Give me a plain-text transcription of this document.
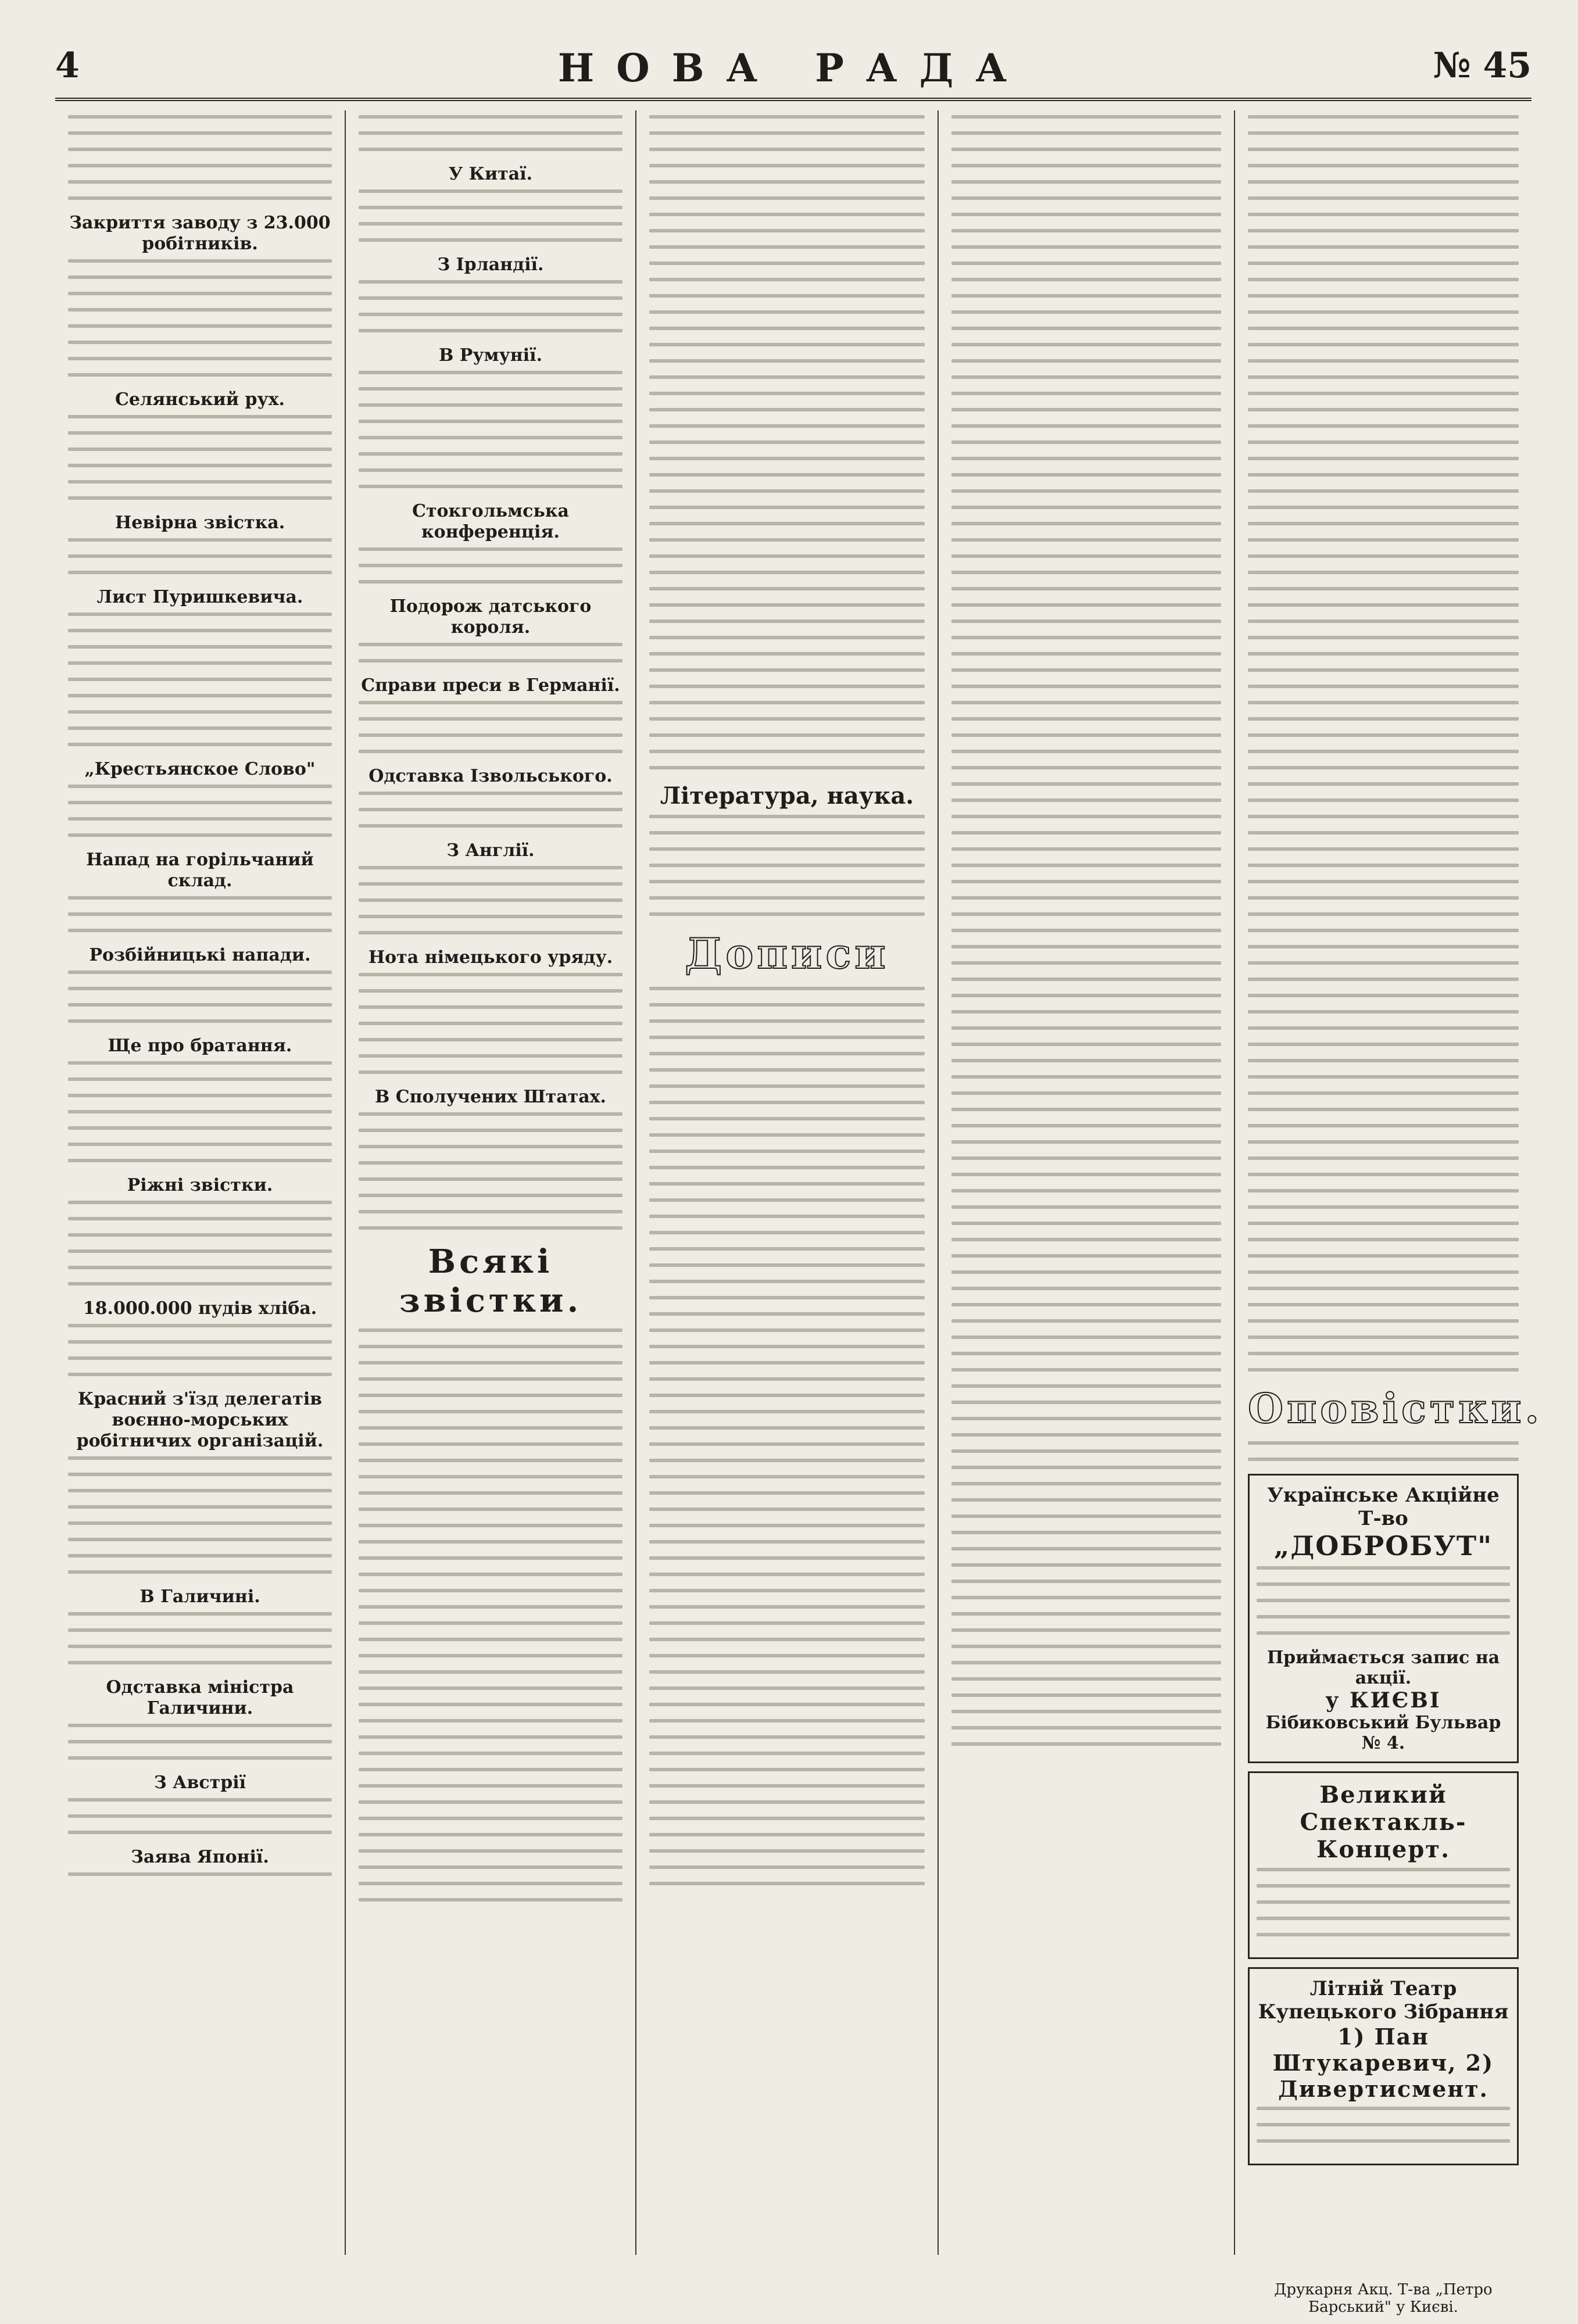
4	НОВА РАДА	№ 45
Закриття заводу з 23.000 робітників.
Селянський рух.
Невірна звістка.
Лист Пуришкевича.
„Крестьянское Слово"
Напад на горільчаний склад.
Розбійницькі напади.
Ще про братання.
Ріжні звістки.
18.000.000 пудів хліба.
Красний з'їзд делегатів воєнно-морських робітничих організацій.
В Галичині.
Одставка міністра Галичини.
З Австрії
Заява Японії.
У Китаї.
З Ірландії.
В Румунії.
Стокгольмська конференція.
Подорож датського короля.
Справи преси в Германії.
Одставка Ізвольського.
З Англії.
Нота німецького уряду.
В Сполучених Штатах.
Всякі звістки.
Література, наука.
Дописи
Оповістки.
Українське Акційне Т-во
„ДОБРОБУТ"
Приймається запис на акції.
у КИЄВІ
Бібиковський Бульвар № 4.
Великий Спектакль-Концерт.
Літній Театр Купецького Зібрання
1) Пан Штукаревич, 2) Дивертисмент.
Друкарня Акц. Т-ва „Петро Барський" у Києві.
